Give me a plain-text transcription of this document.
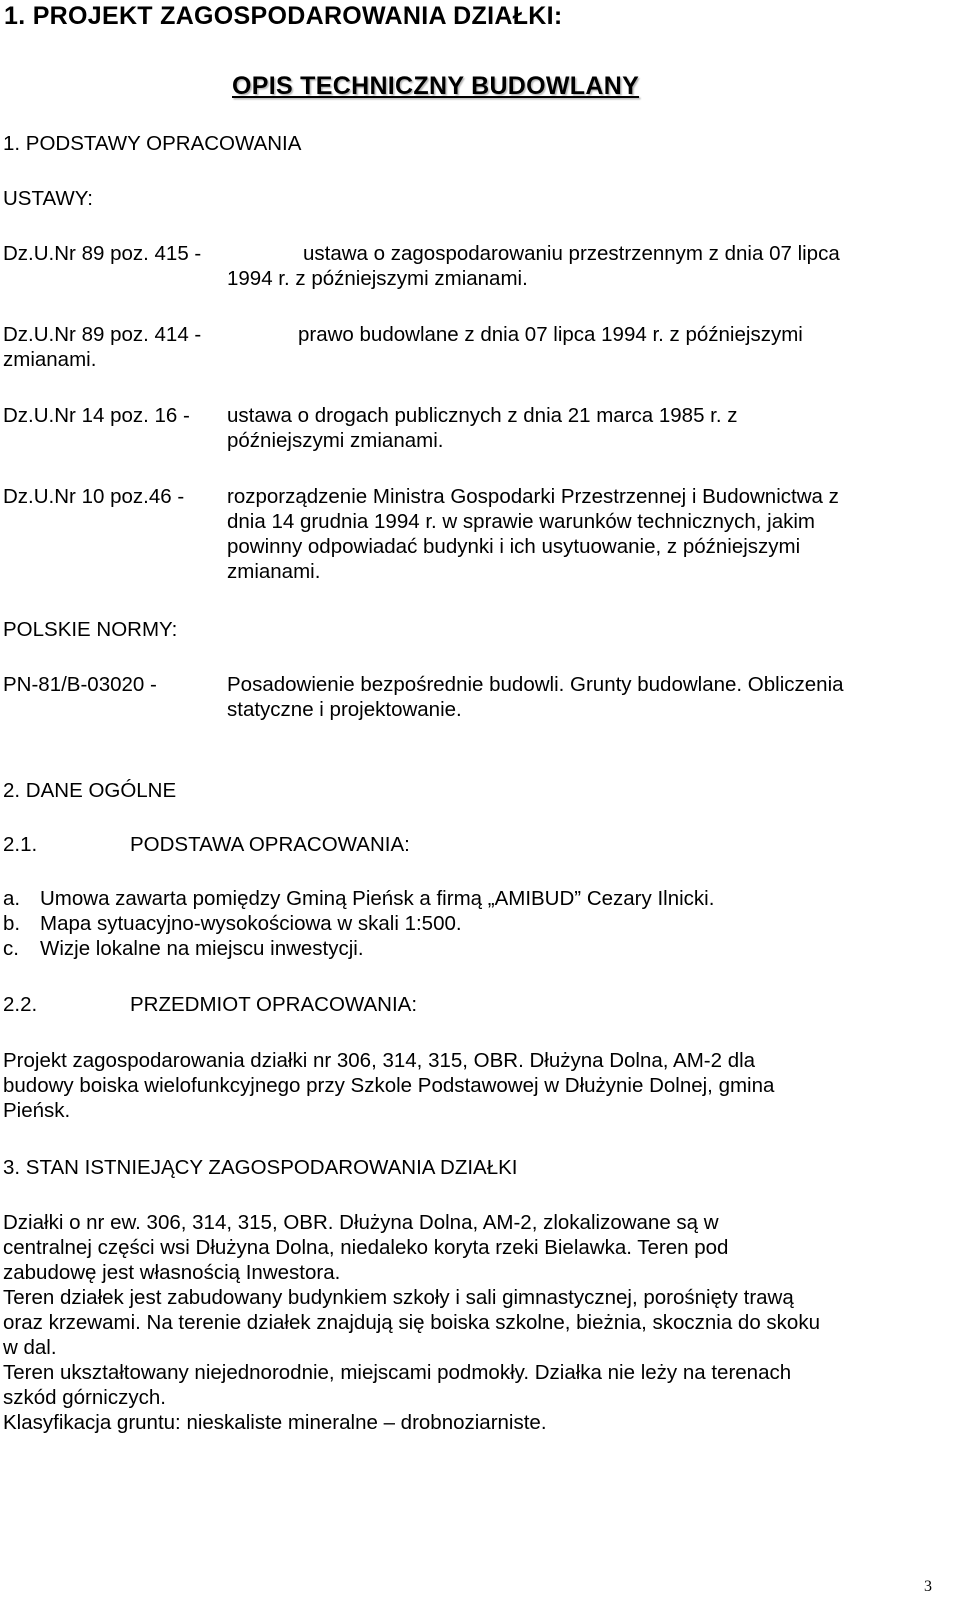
1. PROJEKT ZAGOSPODAROWANIA DZIAŁKI:
OPIS TECHNICZNY BUDOWLANY
1. PODSTAWY OPRACOWANIA
USTAWY:
Dz.U.Nr 89 poz. 415 -	ustawa o zagospodarowaniu przestrzennym z dnia 07 lipca
1994 r. z późniejszymi zmianami.
Dz.U.Nr 89 poz. 414 -	prawo budowlane z dnia 07 lipca 1994 r. z późniejszymi
zmianami.
Dz.U.Nr 14 poz. 16 - ustawa o drogach publicznych z dnia 21 marca 1985 r. z
późniejszymi zmianami.
Dz.U.Nr 10 poz.46 - rozporządzenie Ministra Gospodarki Przestrzennej i Budownictwa z
dnia 14 grudnia 1994 r. w sprawie warunków technicznych, jakim
powinny odpowiadać budynki i ich usytuowanie, z późniejszymi
zmianami.
POLSKIE NORMY:
PN-81/B-03020 -	Posadowienie bezpośrednie budowli. Grunty budowlane. Obliczenia
statyczne i projektowanie.
2. DANE OGÓLNE
2.1.	PODSTAWA OPRACOWANIA:
a. Umowa zawarta pomiędzy Gminą Pieńsk a firmą „AMIBUD” Cezary Ilnicki.
b. Mapa sytuacyjno-wysokościowa w skali 1:500.
c. Wizje lokalne na miejscu inwestycji.
2.2.	PRZEDMIOT OPRACOWANIA:
Projekt zagospodarowania działki nr 306, 314, 315, OBR. Dłużyna Dolna, AM-2 dla
budowy boiska wielofunkcyjnego przy Szkole Podstawowej w Dłużynie Dolnej, gmina
Pieńsk.
3. STAN ISTNIEJĄCY ZAGOSPODAROWANIA DZIAŁKI
Działki o nr ew. 306, 314, 315, OBR. Dłużyna Dolna, AM-2, zlokalizowane są w
centralnej części wsi Dłużyna Dolna, niedaleko koryta rzeki Bielawka. Teren pod
zabudowę jest własnością Inwestora.
Teren działek jest zabudowany budynkiem szkoły i sali gimnastycznej, porośnięty trawą
oraz krzewami. Na terenie działek znajdują się boiska szkolne, bieżnia, skocznia do skoku
w dal.
Teren ukształtowany niejednorodnie, miejscami podmokły. Działka nie leży na terenach
szkód górniczych.
Klasyfikacja gruntu: nieskaliste mineralne – drobnoziarniste.
3
